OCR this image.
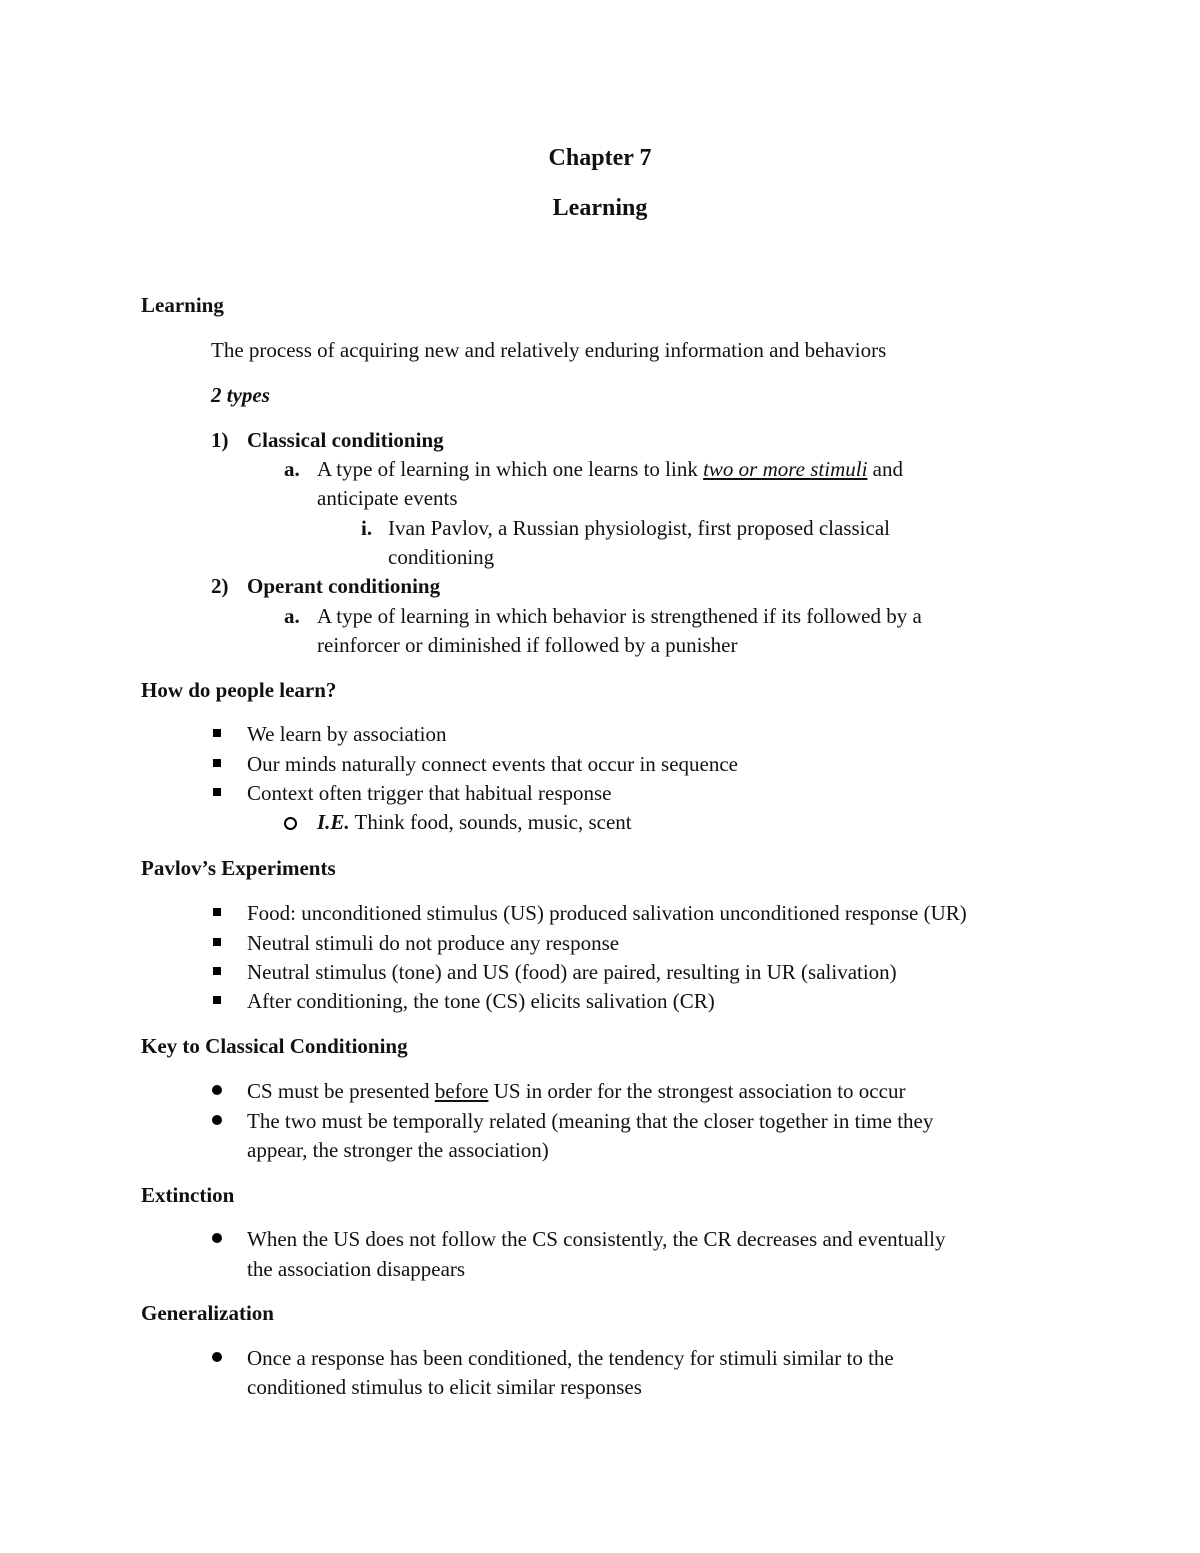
Chapter 7
Learning
Learning
The process of acquiring new and relatively enduring information and behaviors
2 types
1) Classical conditioning
a. A type of learning in which one learns to link two or more stimuli and
anticipate events
i. Ivan Pavlov, a Russian physiologist, first proposed classical
conditioning
2) Operant conditioning
a. A type of learning in which behavior is strengthened if its followed by a
reinforcer or diminished if followed by a punisher
How do people learn?
We learn by association
Our minds naturally connect events that occur in sequence
Context often trigger that habitual response
I.E. Think food, sounds, music, scent
Pavlov’s Experiments
Food: unconditioned stimulus (US) produced salivation unconditioned response (UR)
Neutral stimuli do not produce any response
Neutral stimulus (tone) and US (food) are paired, resulting in UR (salivation)
After conditioning, the tone (CS) elicits salivation (CR)
Key to Classical Conditioning
CS must be presented before US in order for the strongest association to occur
The two must be temporally related (meaning that the closer together in time they
appear, the stronger the association)
Extinction
When the US does not follow the CS consistently, the CR decreases and eventually
the association disappears
Generalization
Once a response has been conditioned, the tendency for stimuli similar to the
conditioned stimulus to elicit similar responses
